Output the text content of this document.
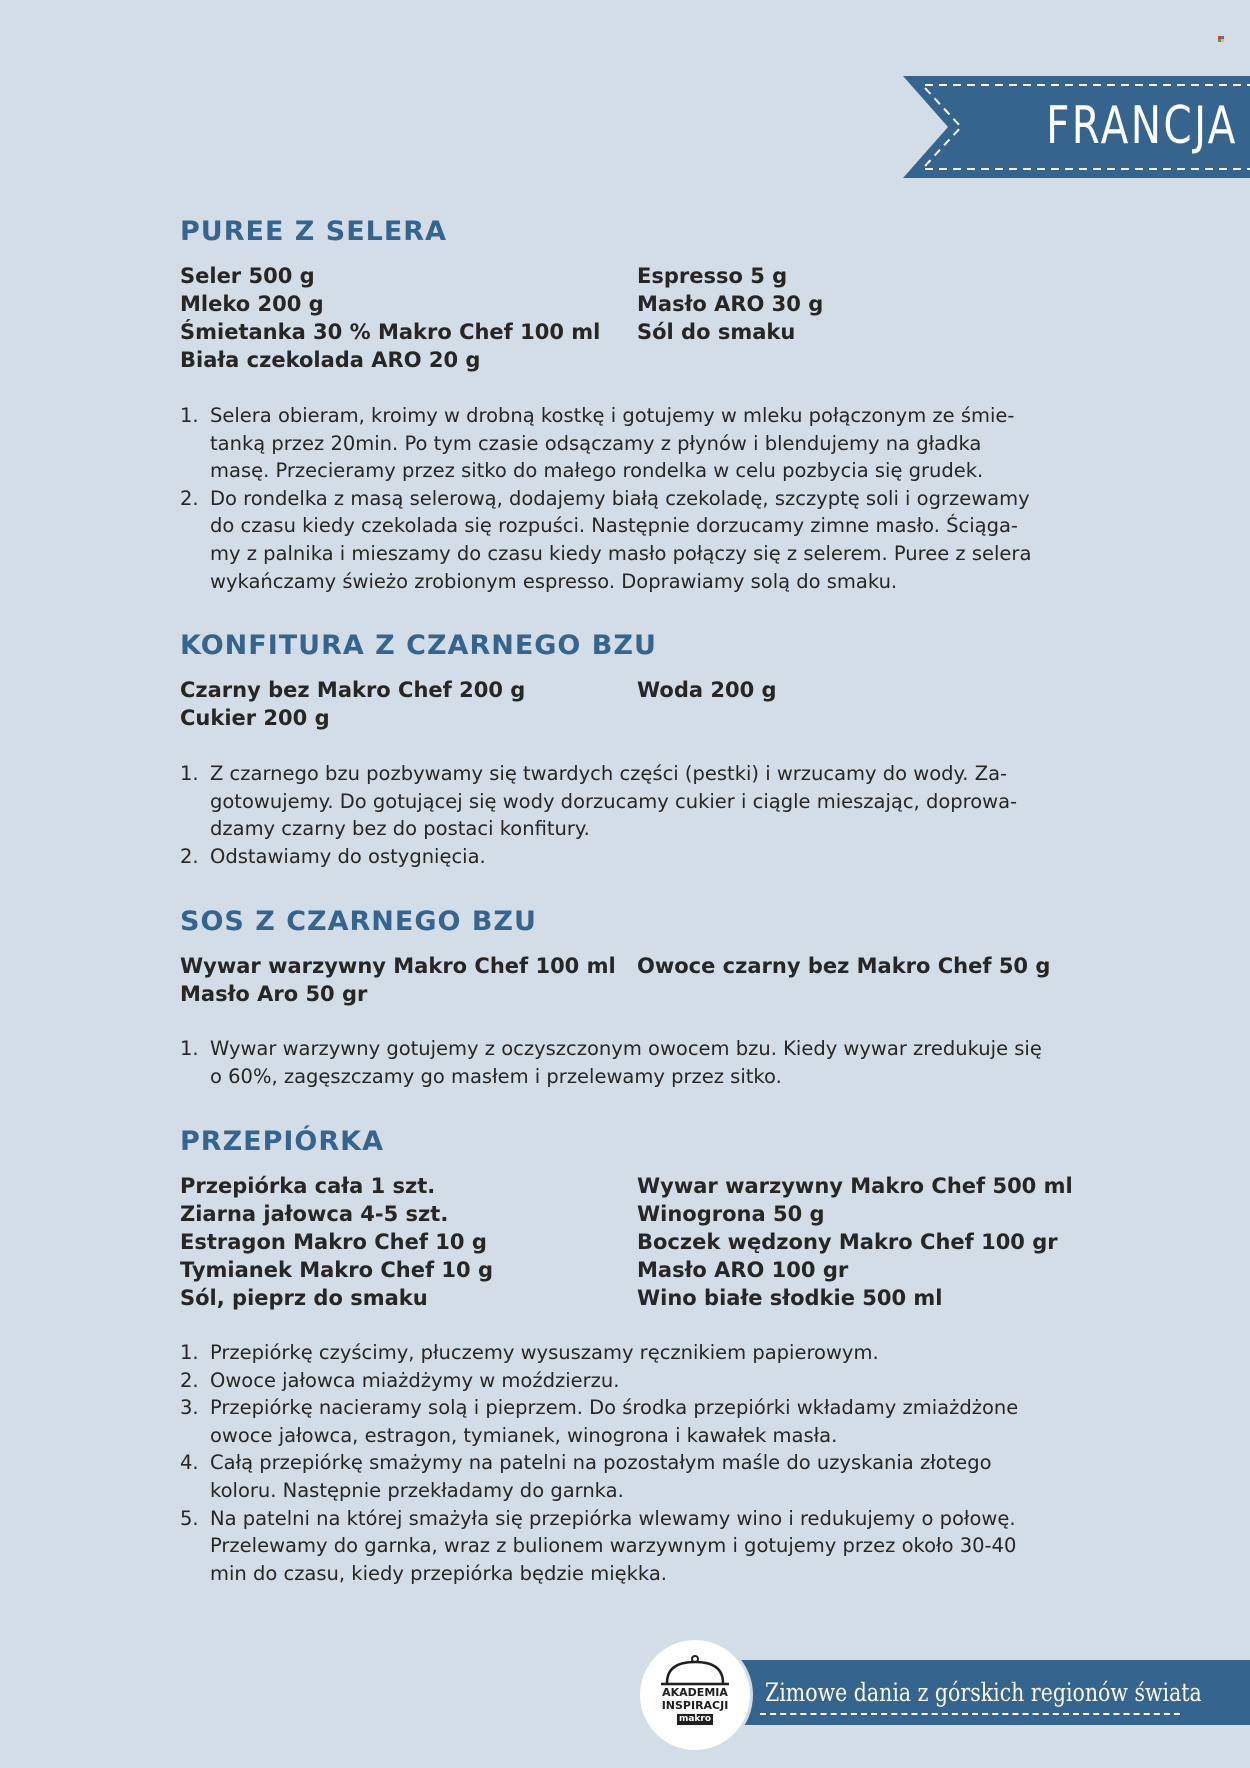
FRANCJA
PUREE Z SELERA
Seler 500 g
Mleko 200 g
Śmietanka 30 % Makro Chef 100 ml
Biała czekolada ARO 20 g
Espresso 5 g
Masło ARO 30 g
Sól do smaku
1. Selera obieram, kroimy w drobną kostkę i gotujemy w mleku połączonym ze śmie-
tanką przez 20min. Po tym czasie odsączamy z płynów i blendujemy na gładka
masę. Przecieramy przez sitko do małego rondelka w celu pozbycia się grudek.
2. Do rondelka z masą selerową, dodajemy białą czekoladę, szczyptę soli i ogrzewamy
do czasu kiedy czekolada się rozpuści. Następnie dorzucamy zimne masło. Ściąga-
my z palnika i mieszamy do czasu kiedy masło połączy się z selerem. Puree z selera
wykańczamy świeżo zrobionym espresso. Doprawiamy solą do smaku.
KONFITURA Z CZARNEGO BZU
Czarny bez Makro Chef 200 g
Cukier 200 g
Woda 200 g
1. Z czarnego bzu pozbywamy się twardych części (pestki) i wrzucamy do wody. Za-
gotowujemy. Do gotującej się wody dorzucamy cukier i ciągle mieszając, doprowa-
dzamy czarny bez do postaci konfitury.
2. Odstawiamy do ostygnięcia.
SOS Z CZARNEGO BZU
Wywar warzywny Makro Chef 100 ml
Masło Aro 50 gr
Owoce czarny bez Makro Chef 50 g
1. Wywar warzywny gotujemy z oczyszczonym owocem bzu. Kiedy wywar zredukuje się
o 60%, zagęszczamy go masłem i przelewamy przez sitko.
PRZEPIÓRKA
Przepiórka cała 1 szt.
Ziarna jałowca 4-5 szt.
Estragon Makro Chef 10 g
Tymianek Makro Chef 10 g
Sól, pieprz do smaku
Wywar warzywny Makro Chef 500 ml
Winogrona 50 g
Boczek wędzony Makro Chef 100 gr
Masło ARO 100 gr
Wino białe słodkie 500 ml
1. Przepiórkę czyścimy, płuczemy wysuszamy ręcznikiem papierowym.
2. Owoce jałowca miażdżymy w moździerzu.
3. Przepiórkę nacieramy solą i pieprzem. Do środka przepiórki wkładamy zmiażdżone
owoce jałowca, estragon, tymianek, winogrona i kawałek masła.
4. Całą przepiórkę smażymy na patelni na pozostałym maśle do uzyskania złotego
koloru. Następnie przekładamy do garnka.
5. Na patelni na której smażyła się przepiórka wlewamy wino i redukujemy o połowę.
Przelewamy do garnka, wraz z bulionem warzywnym i gotujemy przez około 30-40
min do czasu, kiedy przepiórka będzie miękka.
Zimowe dania z górskich regionów świata
AKADEMIA
INSPIRACJI
makro
